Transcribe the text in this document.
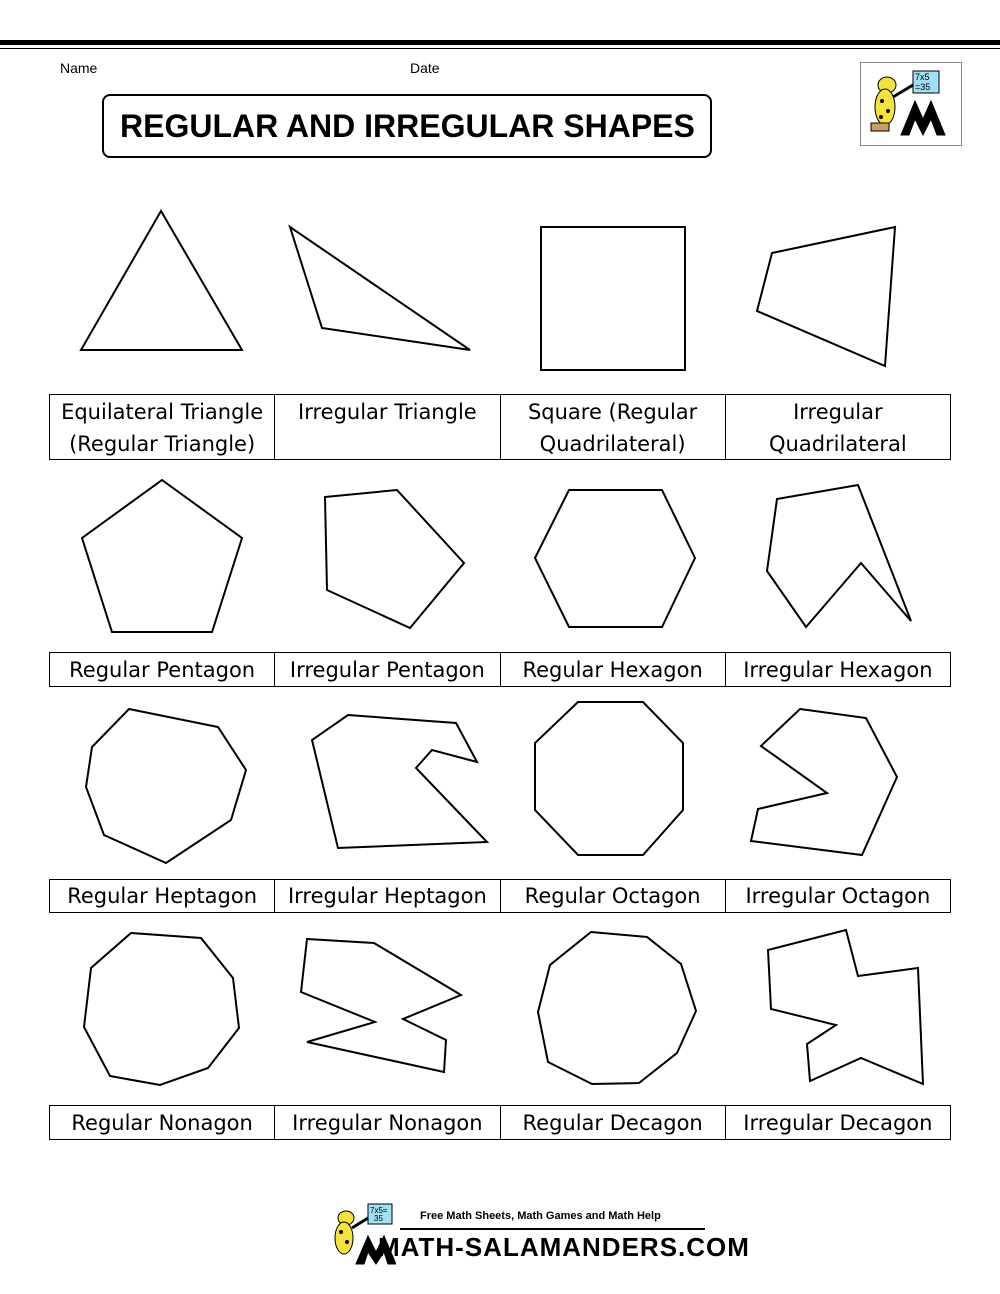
Name	Date
REGULAR AND IRREGULAR SHAPES
7x5
=35
Equilateral Triangle
(Regular Triangle)
Irregular Triangle Square (Regular
Quadrilateral)
Irregular
Quadrilateral
Regular Pentagon Irregular Pentagon Regular Hexagon Irregular Hexagon
Regular Heptagon Irregular Heptagon Regular Octagon Irregular Octagon
Regular Nonagon Irregular Nonagon Regular Decagon Irregular Decagon
7x5=
35	Free Math Sheets, Math Games and Math Help
MATH-SALAMANDERS.COM
